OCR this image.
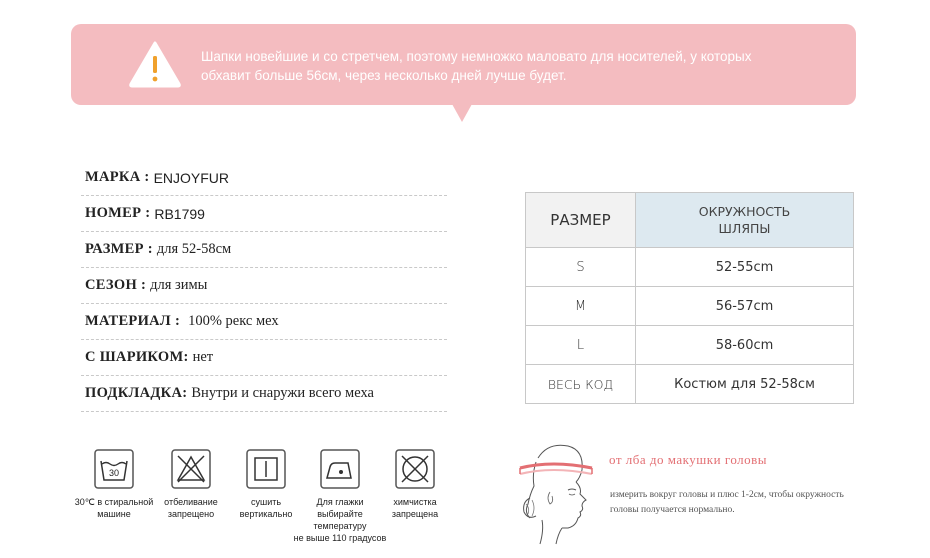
Шапки новейшие и со стретчем, поэтому немножко маловато для носителей, у которых
обхавит больше 56см, через несколько дней лучше будет.
МАРКА : ENJOYFUR
НОМЕР : RB1799
РАЗМЕР : для 52-58см
СЕЗОН : для зимы
МАТЕРИАЛ : 100% рекс мех
С ШАРИКОМ: нет
ПОДКЛАДКА: Внутри и снаружи всего меха
РАЗМЕР	ОКРУЖНОСТЬ
ШЛЯПЫ

S	52-55cm
M	56-57cm
L	58-60cm
ВЕСЬ КОД	Костюм для 52-58см
30
30℃ в стиральной
машине
отбеливание
запрещено
сушить
вертикально
Для глажки
выбирайте
температуру
не выше 110 градусов
химчистка
запрещена
от лба до макушки головы
измерить вокруг головы и плюс 1-2см, чтобы окружность
головы получается нормально.
